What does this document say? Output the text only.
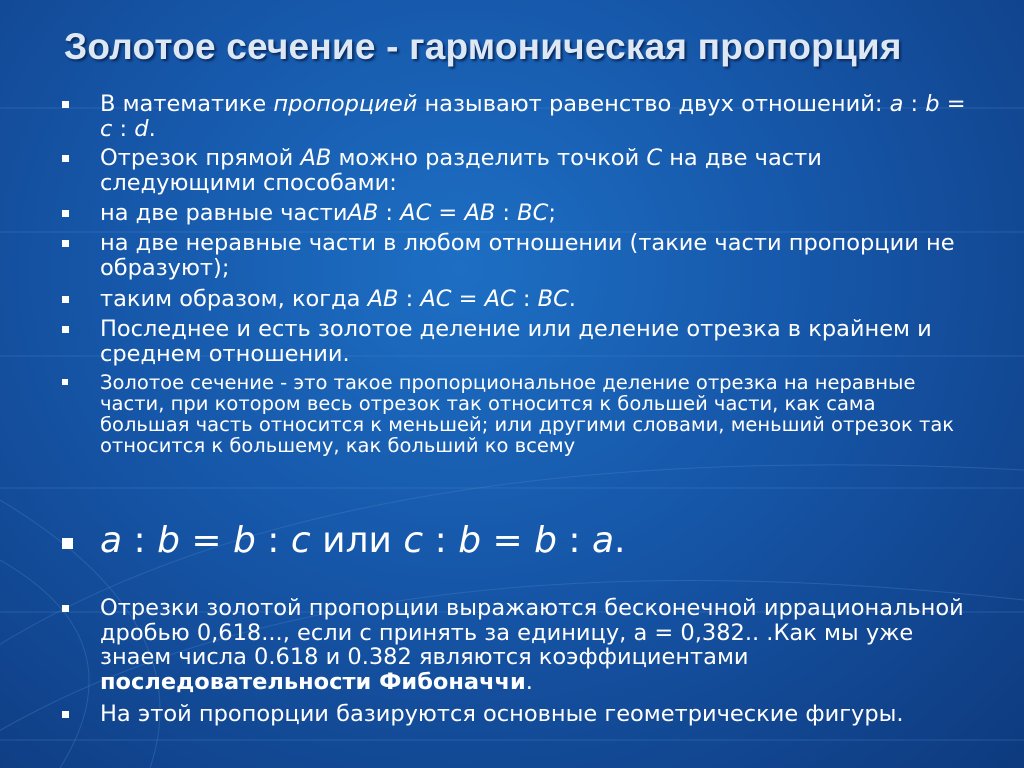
Золотое сечение - гармоническая пропорция
В математике пропорцией называют равенство двух отношений: a : b = c : d.
Отрезок прямой АВ можно разделить точкой С на две части следующими способами:
на две равные частиАВ : АС = АВ : ВС;
на две неравные части в любом отношении (такие части пропорции не образуют);
таким образом, когда АВ : АС = АС : ВС.
Последнее и есть золотое деление или деление отрезка в крайнем и среднем отношении.
Золотое сечение - это такое пропорциональное деление отрезка на неравные части, при котором весь отрезок так относится к большей части, как сама большая часть относится к меньшей; или другими словами, меньший отрезок так относится к большему, как больший ко всему
a : b = b : c или c : b = b : а.
Отрезки золотой пропорции выражаются бесконечной иррациональной дробью 0,618..., если с принять за единицу, а = 0,382.. .Как мы уже знаем числа 0.618 и 0.382 являются коэффициентами последовательности Фибоначчи.
На этой пропорции базируются основные геометрические фигуры.
